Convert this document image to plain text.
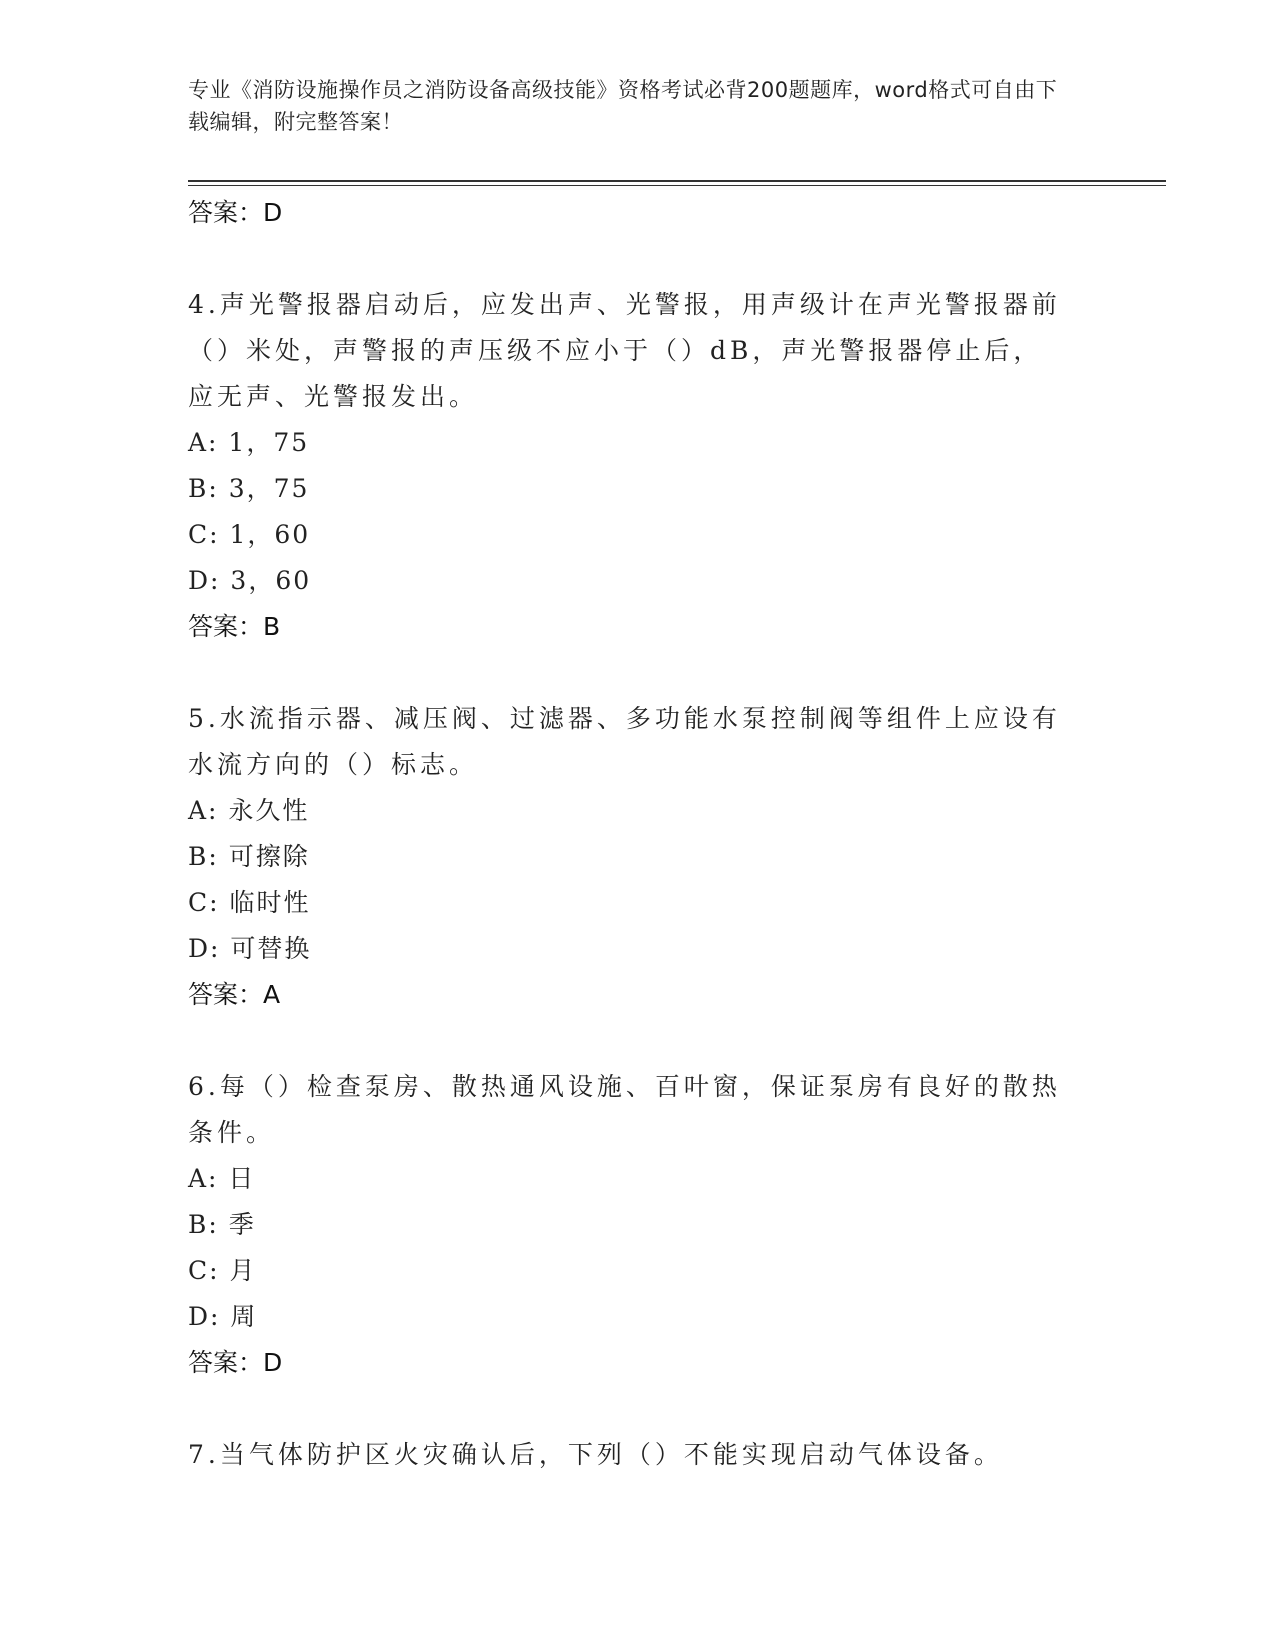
专业《消防设施操作员之消防设备高级技能》资格考试必背200题题库，word格式可自由下载编辑，附完整答案！
答案：D

4.声光警报器启动后，应发出声、光警报，用声级计在声光警报器前（）米处，声警报的声压级不应小于（）dB，声光警报器停止后，应无声、光警报发出。

A: 1，75
B: 3，75
C: 1，60
D: 3，60
答案：B

5.水流指示器、减压阀、过滤器、多功能水泵控制阀等组件上应设有水流方向的（）标志。

A: 永久性
B: 可擦除
C: 临时性
D: 可替换
答案：A

6.每（）检查泵房、散热通风设施、百叶窗，保证泵房有良好的散热条件。

A: 日
B: 季
C: 月
D: 周
答案：D

7.当气体防护区火灾确认后，下列（）不能实现启动气体设备。
